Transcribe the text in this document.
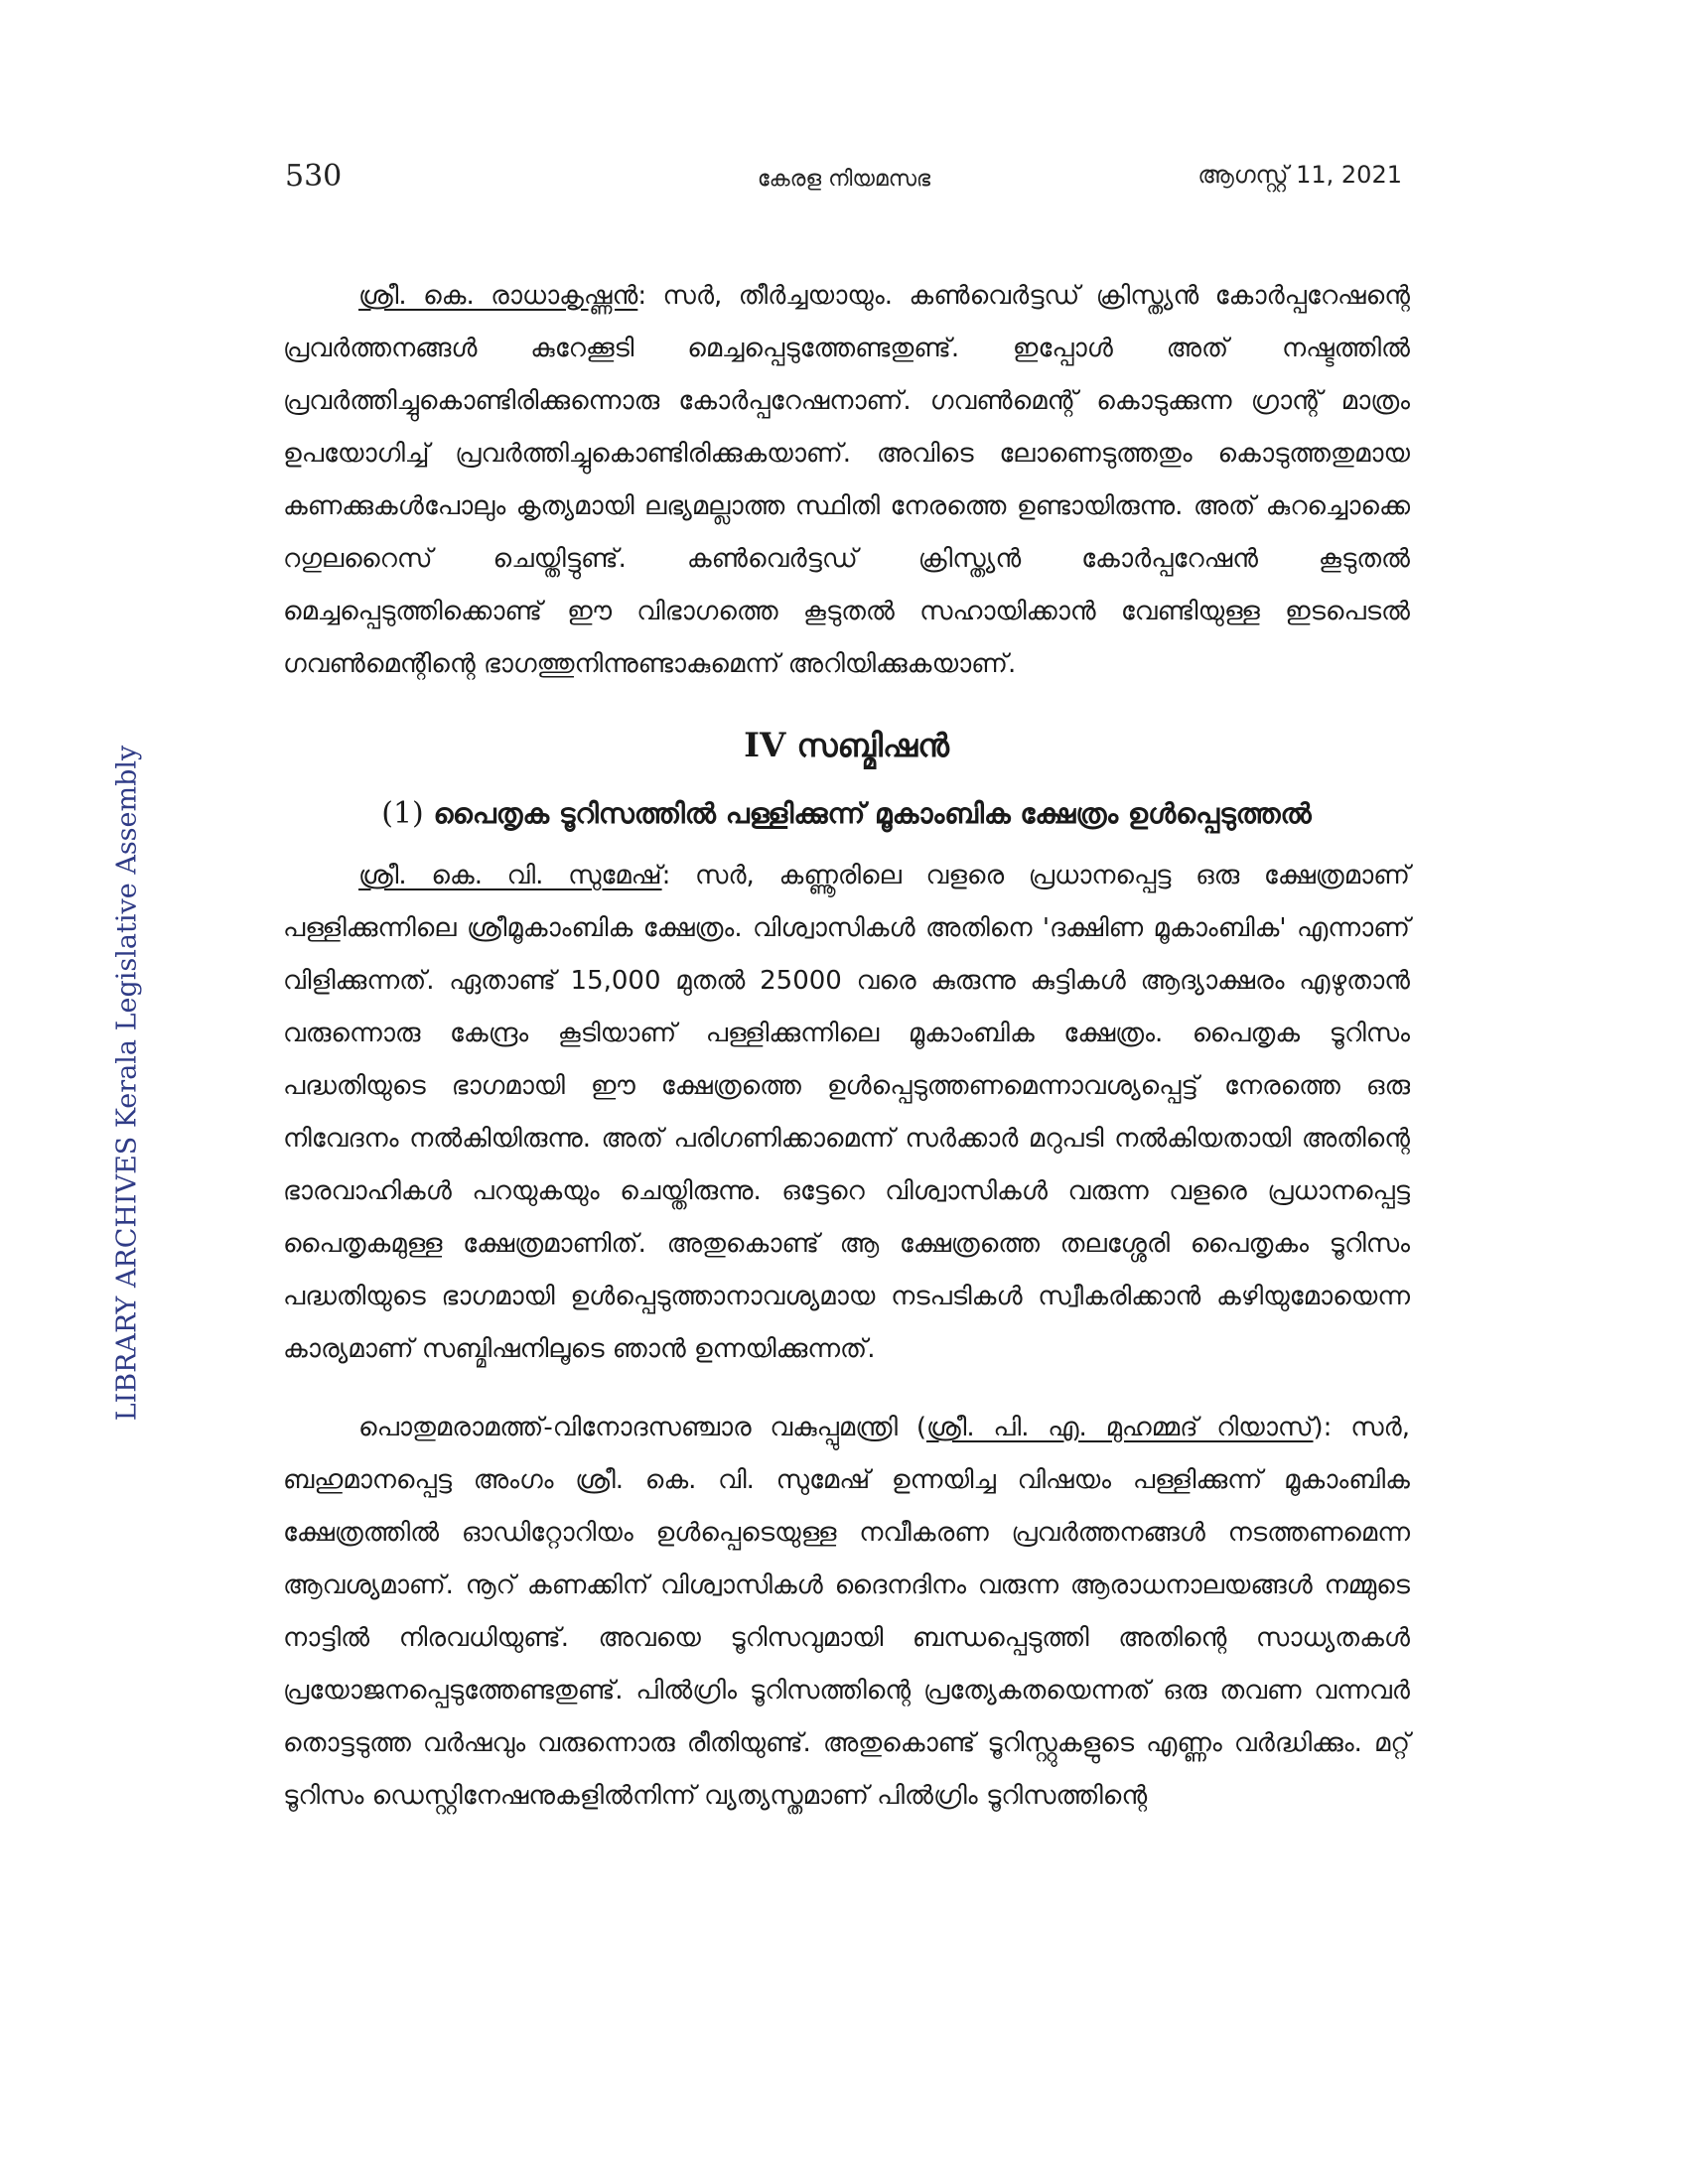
530	കേരള നിയമസഭ	ആഗസ്റ്റ് 11, 2021
LIBRARY ARCHIVES Kerala Legislative Assembly

ശ്രീ. കെ. രാധാകൃഷ്ണൻ: സർ, തീർച്ചയായും. കൺവെർട്ടഡ് ക്രിസ്ത്യൻ കോർപ്പറേഷന്റെ പ്രവർത്തനങ്ങൾ കുറേക്കൂടി മെച്ചപ്പെടുത്തേണ്ടതുണ്ട്. ഇപ്പോൾ അത് നഷ്ടത്തിൽ പ്രവർത്തിച്ചുകൊണ്ടിരിക്കുന്നൊരു കോർപ്പറേഷനാണ്. ഗവൺമെന്റ് കൊടുക്കുന്ന ഗ്രാന്റ് മാത്രം ഉപയോഗിച്ച് പ്രവർത്തിച്ചുകൊണ്ടിരിക്കുകയാണ്. അവിടെ ലോണെടുത്തതും കൊടുത്തതുമായ കണക്കുകൾപോലും കൃത്യമായി ലഭ്യമല്ലാത്ത സ്ഥിതി നേരത്തെ ഉണ്ടായിരുന്നു. അത് കുറച്ചൊക്കെ റഗുലറൈസ് ചെയ്തിട്ടുണ്ട്. കൺവെർട്ടഡ് ക്രിസ്ത്യൻ കോർപ്പറേഷൻ കൂടുതൽ മെച്ചപ്പെടുത്തിക്കൊണ്ട് ഈ വിഭാഗത്തെ കൂടുതൽ സഹായിക്കാൻ വേണ്ടിയുള്ള ഇടപെടൽ ഗവൺമെന്റിന്റെ ഭാഗത്തുനിന്നുണ്ടാകുമെന്ന് അറിയിക്കുകയാണ്.

IV സബ്മിഷൻ
(1) പൈതൃക ടൂറിസത്തിൽ പള്ളിക്കുന്ന് മൂകാംബിക ക്ഷേത്രം ഉൾപ്പെടുത്തൽ

ശ്രീ. കെ. വി. സുമേഷ്: സർ, കണ്ണൂരിലെ വളരെ പ്രധാനപ്പെട്ട ഒരു ക്ഷേത്രമാണ് പള്ളിക്കുന്നിലെ ശ്രീമൂകാംബിക ക്ഷേത്രം. വിശ്വാസികൾ അതിനെ 'ദക്ഷിണ മൂകാംബിക' എന്നാണ് വിളിക്കുന്നത്. ഏതാണ്ട് 15,000 മുതൽ 25000 വരെ കുരുന്നു കുട്ടികൾ ആദ്യാക്ഷരം എഴുതാൻ വരുന്നൊരു കേന്ദ്രം കൂടിയാണ് പള്ളിക്കുന്നിലെ മൂകാംബിക ക്ഷേത്രം. പൈതൃക ടൂറിസം പദ്ധതിയുടെ ഭാഗമായി ഈ ക്ഷേത്രത്തെ ഉൾപ്പെടുത്തണമെന്നാവശ്യപ്പെട്ട് നേരത്തെ ഒരു നിവേദനം നൽകിയിരുന്നു. അത് പരിഗണിക്കാമെന്ന് സർക്കാർ മറുപടി നൽകിയതായി അതിന്റെ ഭാരവാഹികൾ പറയുകയും ചെയ്തിരുന്നു. ഒട്ടേറെ വിശ്വാസികൾ വരുന്ന വളരെ പ്രധാനപ്പെട്ട പൈതൃകമുള്ള ക്ഷേത്രമാണിത്. അതുകൊണ്ട് ആ ക്ഷേത്രത്തെ തലശ്ശേരി പൈതൃകം ടൂറിസം പദ്ധതിയുടെ ഭാഗമായി ഉൾപ്പെടുത്താനാവശ്യമായ നടപടികൾ സ്വീകരിക്കാൻ കഴിയുമോയെന്ന കാര്യമാണ് സബ്മിഷനിലൂടെ ഞാൻ ഉന്നയിക്കുന്നത്.

പൊതുമരാമത്ത്-വിനോദസഞ്ചാര വകുപ്പുമന്ത്രി (ശ്രീ. പി. എ. മുഹമ്മദ് റിയാസ്): സർ, ബഹുമാനപ്പെട്ട അംഗം ശ്രീ. കെ. വി. സുമേഷ് ഉന്നയിച്ച വിഷയം പള്ളിക്കുന്ന് മൂകാംബിക ക്ഷേത്രത്തിൽ ഓഡിറ്റോറിയം ഉൾപ്പെടെയുള്ള നവീകരണ പ്രവർത്തനങ്ങൾ നടത്തണമെന്ന ആവശ്യമാണ്. നൂറ് കണക്കിന് വിശ്വാസികൾ ദൈനദിനം വരുന്ന ആരാധനാലയങ്ങൾ നമ്മുടെ നാട്ടിൽ നിരവധിയുണ്ട്. അവയെ ടൂറിസവുമായി ബന്ധപ്പെടുത്തി അതിന്റെ സാധ്യതകൾ പ്രയോജനപ്പെടുത്തേണ്ടതുണ്ട്. പിൽഗ്രിം ടൂറിസത്തിന്റെ പ്രത്യേകതയെന്നത് ഒരു തവണ വന്നവർ തൊട്ടടുത്ത വർഷവും വരുന്നൊരു രീതിയുണ്ട്. അതുകൊണ്ട് ടൂറിസ്റ്റുകളുടെ എണ്ണം വർദ്ധിക്കും. മറ്റ് ടൂറിസം ഡെസ്റ്റിനേഷനുകളിൽനിന്ന് വ്യത്യസ്തമാണ് പിൽഗ്രിം ടൂറിസത്തിന്റെ
